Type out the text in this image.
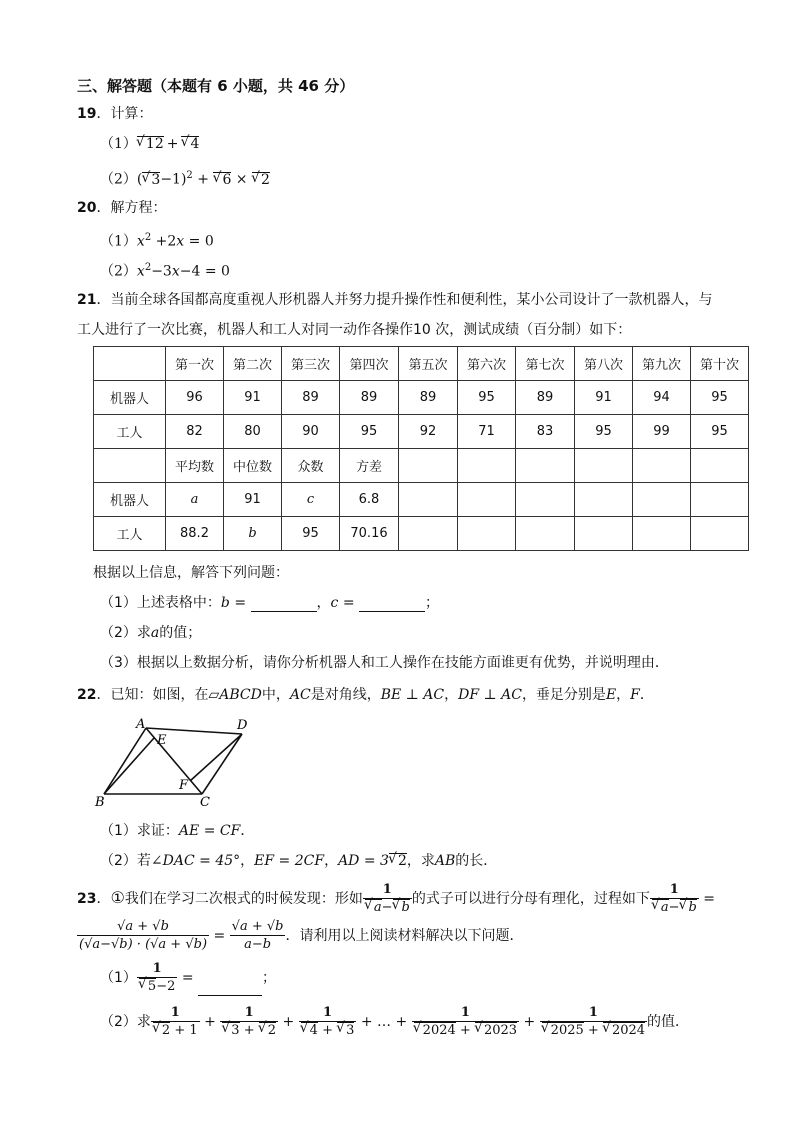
三、解答题（本题有 6 小题，共 46 分）
19．计算：
（1） √ 12 + √ 4
（2）( √ 3−1)$^2$ + √ 6 × √ 2
20．解方程：
$(1)x^2 +2x = 0$
$(2)x^2-3x-4 = 0$
21．当前全球各国都高度重视人形机器人并努力提升操作性和便利性，某小公司设计了一款机器人，与
工人进行了一次比赛，机器人和工人对同一动作各操作10 次，测试成绩（百分制）如下：
	第一次	第二次	第三次	第四次	第五次	第六次	第七次	第八次	第九次	第十次
机器人	96	91	89	89	89	95	89	91	94	95
工人	82	80	90	95	92	71	83	95	99	95
	平均数	中位数	众数	方差						
机器人	a	91	c	6.8						
工人	88.2	b	95	70.16						
根据以上信息，解答下列问题：
（1）上述表格中：b =	，c =	；
（2）求a的值；
（3）根据以上数据分析，请你分析机器人和工人操作在技能方面谁更有优势，并说明理由．
22．已知：如图，在▱ABCD中，AC是对角线，BE ⊥ AC，DF ⊥ AC，垂足分别是E，F．
A	D
E
F
B	C
（1）求证：AE = CF．
（2）若∠DAC = 45°，EF = 2CF，AD = 3 √ 2，求AB的长．
23．①我们在学习二次根式的时候发现：形如 1
√ a− √ b 的式子可以进行分母有理化，过程如下 1
√ a− √ b =
$\frac{√a + √b}{(√a-√b) \cdot (√a + √b)} = \frac{√a + √b}{a-b}$ ．请利用以上阅读材料解决以下问题．
（1） 1
√ 5−2 =	；
（2）求 1
√ 2 + 1 + 1
√ 3 + √ 2 + 1
√ 4 + √ 3 + … + 1
√ 2024 + √ 2023 + 1
√ 2025 + √ 2024 的值．
